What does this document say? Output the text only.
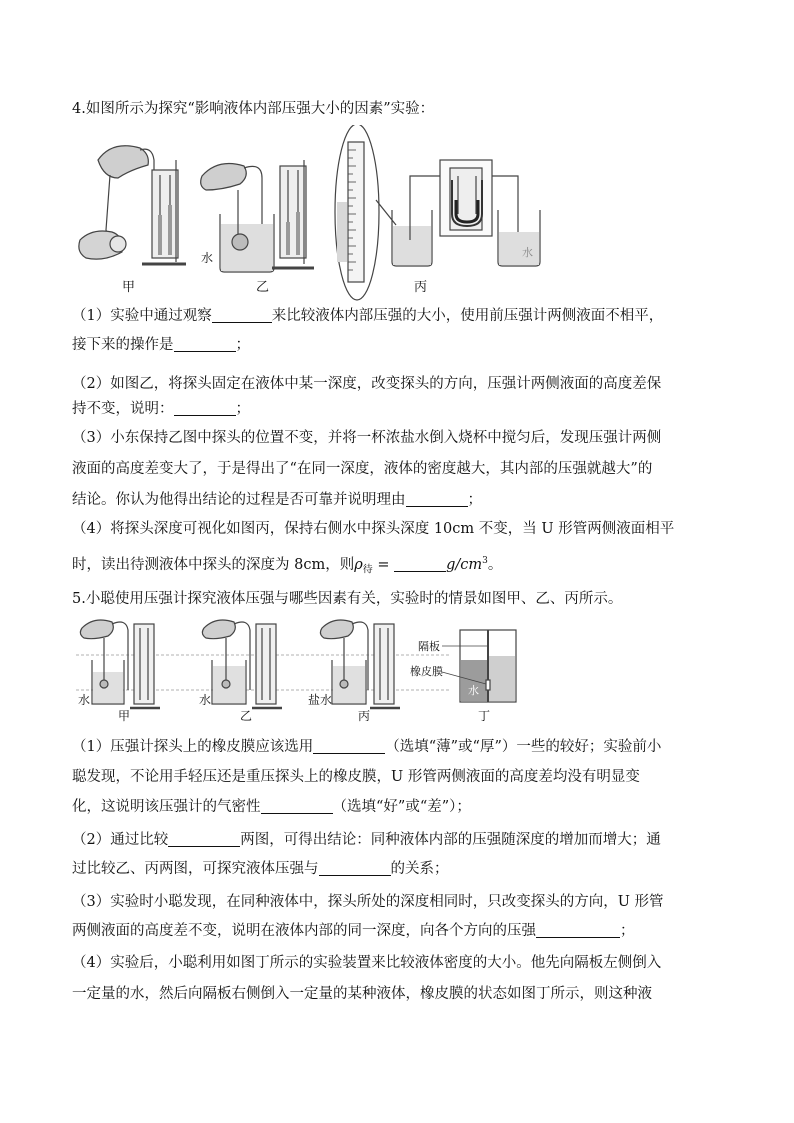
4.如图所示为探究“影响液体内部压强大小的因素”实验：
水	水
甲	乙	丙
（1）实验中通过观察	来比较液体内部压强的大小，使用前压强计两侧液面不相平，
接下来的操作是	；
（2）如图乙，将探头固定在液体中某一深度，改变探头的方向，压强计两侧液面的高度差保
持不变，说明：	；
（3）小东保持乙图中探头的位置不变，并将一杯浓盐水倒入烧杯中搅匀后，发现压强计两侧
液面的高度差变大了，于是得出了“在同一深度，液体的密度越大，其内部的压强就越大”的
结论。你认为他得出结论的过程是否可靠并说明理由	；
（4）将探头深度可视化如图丙，保持右侧水中探头深度 10cm 不变，当 U 形管两侧液面相平
时，读出待测液体中探头的深度为 8cm，则$\rho_待$ =	$g/cm^3$。
5.小聪使用压强计探究液体压强与哪些因素有关，实验时的情景如图甲、乙、丙所示。
隔板
橡皮膜
水
水	水	盐水
甲	乙	丙	丁
（1）压强计探头上的橡皮膜应该选用	（选填“薄”或“厚”）一些的较好；实验前小
聪发现，不论用手轻压还是重压探头上的橡皮膜，U 形管两侧液面的高度差均没有明显变
化，这说明该压强计的气密性	（选填“好”或“差”）；
（2）通过比较	两图，可得出结论：同种液体内部的压强随深度的增加而增大；通
过比较乙、丙两图，可探究液体压强与	的关系；
（3）实验时小聪发现，在同种液体中，探头所处的深度相同时，只改变探头的方向，U 形管
两侧液面的高度差不变，说明在液体内部的同一深度，向各个方向的压强	；
（4）实验后，小聪利用如图丁所示的实验装置来比较液体密度的大小。他先向隔板左侧倒入
一定量的水，然后向隔板右侧倒入一定量的某种液体，橡皮膜的状态如图丁所示，则这种液
